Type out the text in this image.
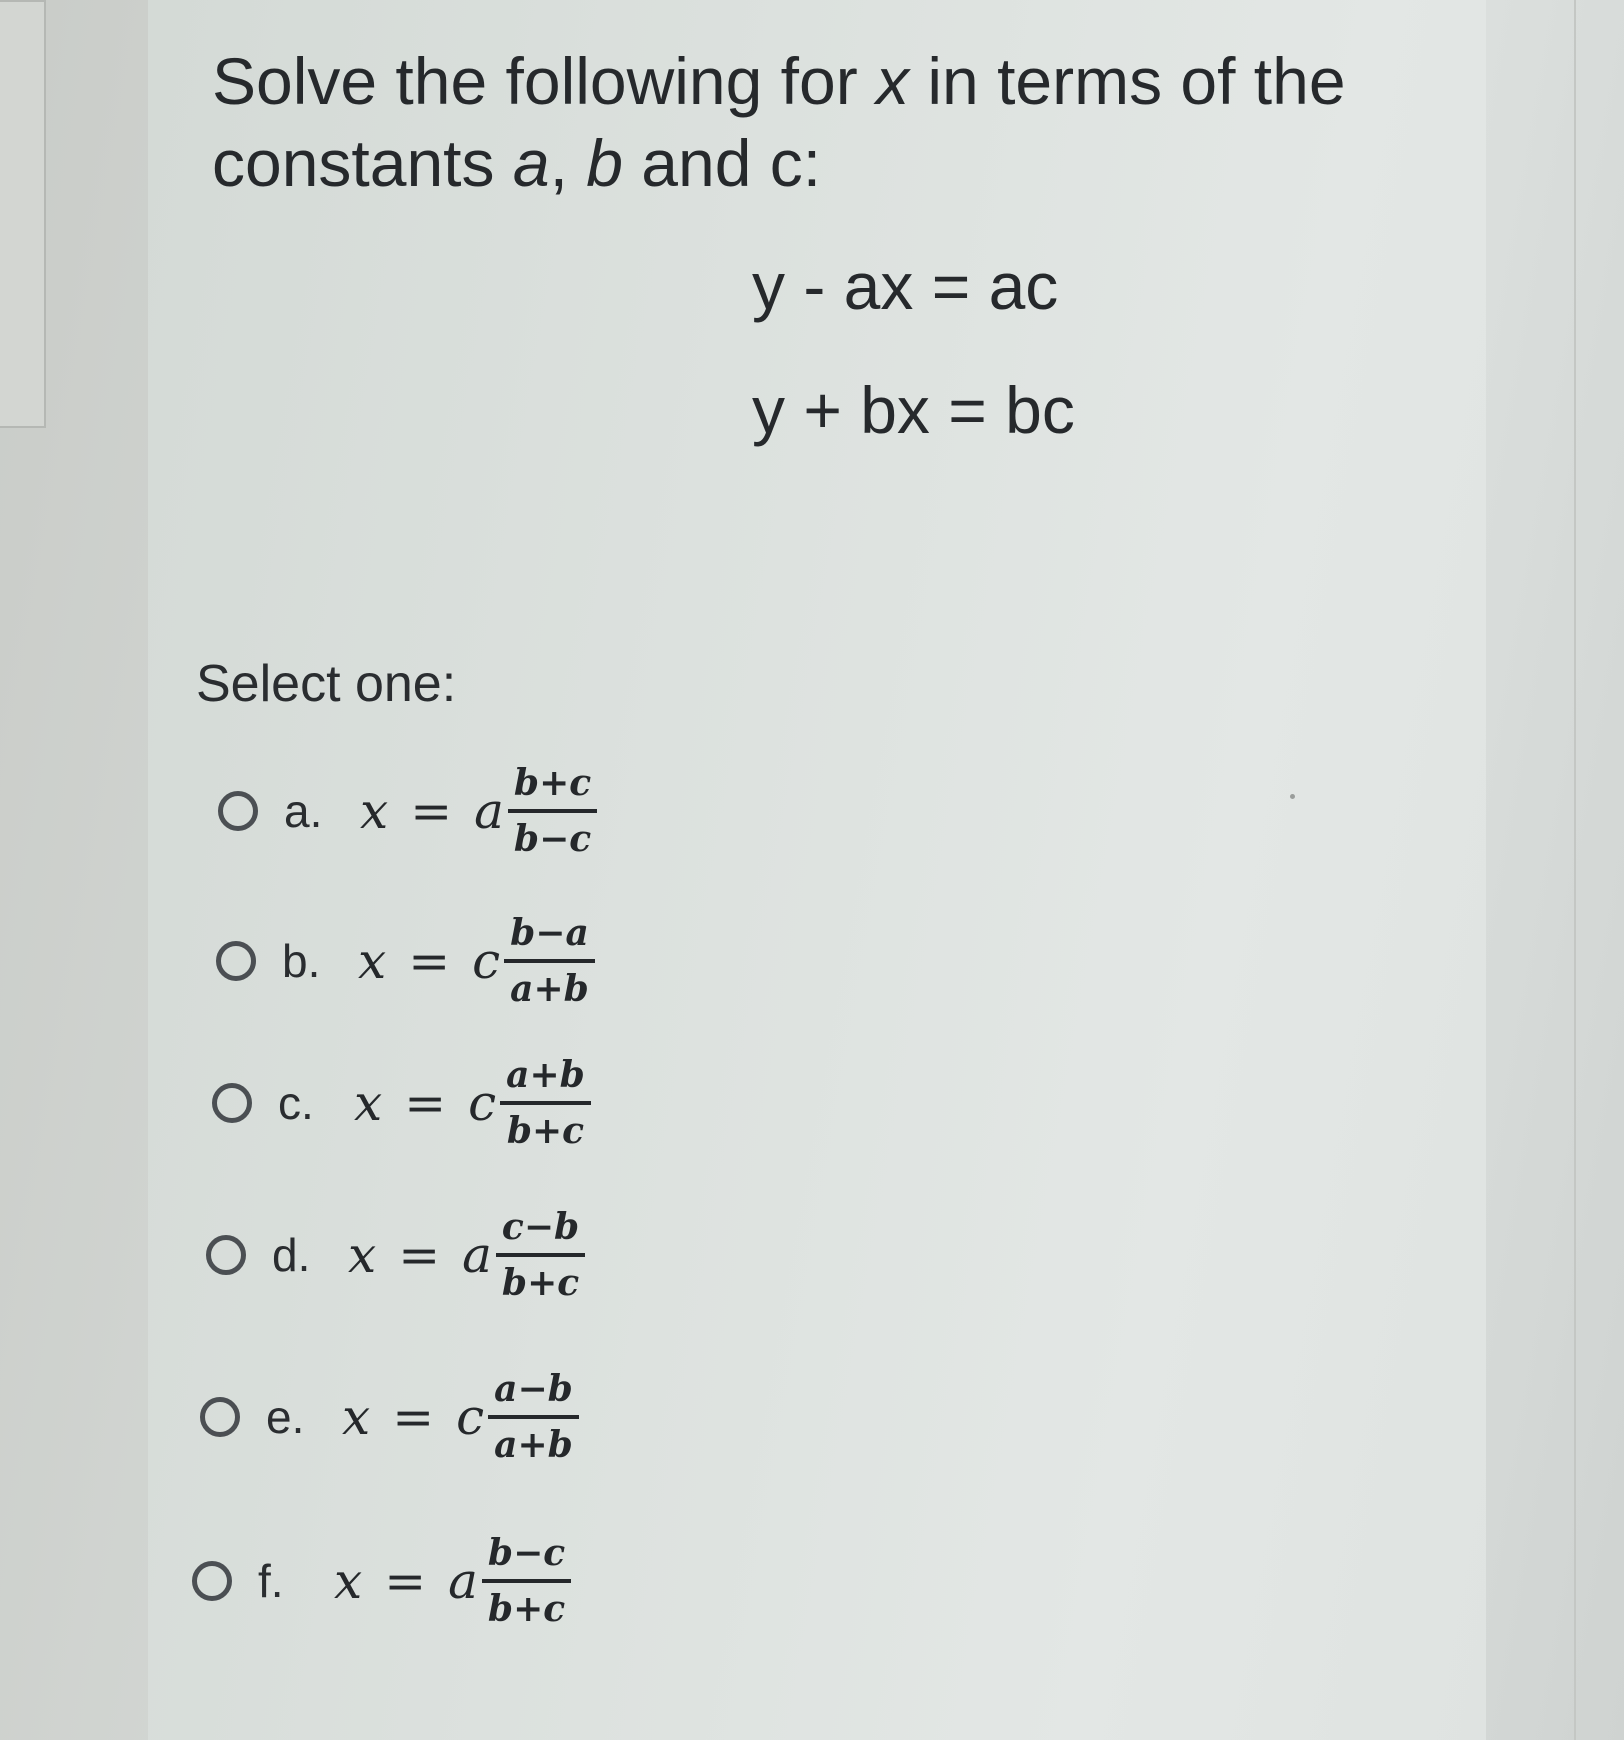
Solve the following for x in terms of the constants a, b and c:

y - ax = ac
y + bx = bc
Select one:
a. x = a $\frac{b+c}{b-c}$
b. x = c $\frac{b-a}{a+b}$
c. x = c $\frac{a+b}{b+c}$
d. x = a $\frac{c-b}{b+c}$
e. x = c $\frac{a-b}{a+b}$
f.	x = a $\frac{b-c}{b+c}$
